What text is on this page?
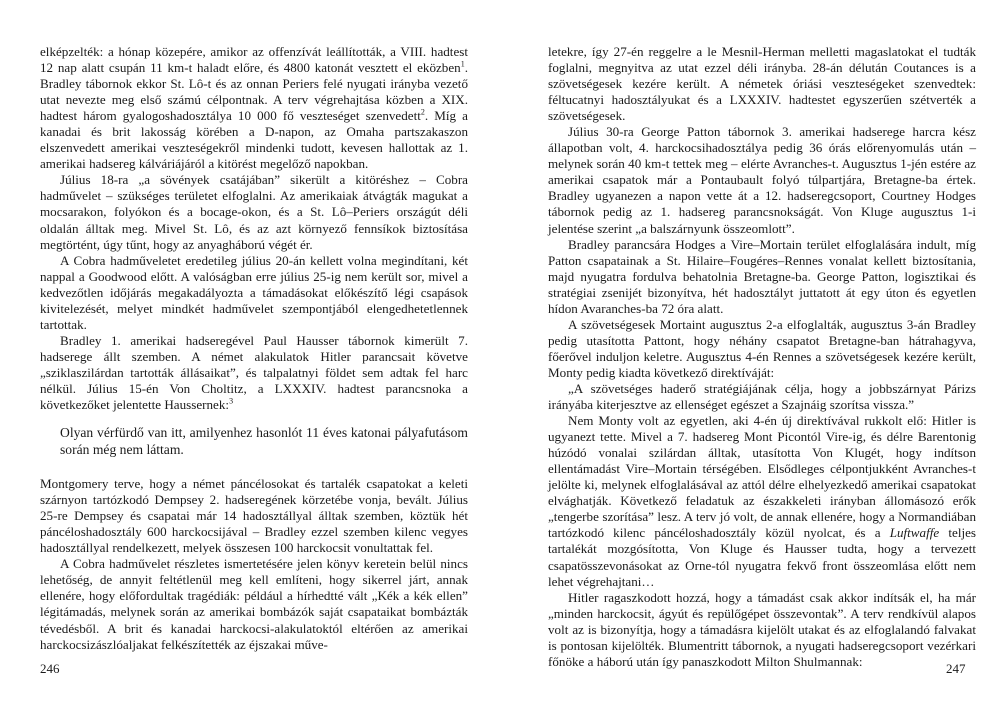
elképzelték: a hónap közepére, amikor az offenzívát leállították, a VIII. hadtest 12 nap alatt csupán 11 km-t haladt előre, és 4800 katonát vesztett el eközben$^1$. Bradley tábornok ekkor St. Lô-t és az onnan Periers felé nyugati irányba vezető utat nevezte meg első számú célpontnak. A terv végrehajtása közben a XIX. hadtest három gyalogoshadosztálya 10 000 fő veszteséget szenvedett$^2$. Míg a kanadai és brit lakosság körében a D-napon, az Omaha partszakaszon elszenvedett amerikai veszteségekről mindenki tudott, kevesen hallottak az 1. amerikai hadsereg kálváriájáról a kitörést megelőző napokban.

Július 18-ra „a sövények csatájában” sikerült a kitöréshez – Cobra hadművelet – szükséges területet elfoglalni. Az amerikaiak átvágták magukat a mocsarakon, folyókon és a bocage-okon, és a St. Lô–Periers országút déli oldalán álltak meg. Mivel St. Lô, és az azt környező fennsíkok biztosítása megtörtént, úgy tűnt, hogy az anyagháború végét ér.

A Cobra hadműveletet eredetileg július 20-án kellett volna megindítani, két nappal a Goodwood előtt. A valóságban erre július 25-ig nem került sor, mivel a kedvezőtlen időjárás megakadályozta a támadásokat előkészítő légi csapások kivitelezését, melyet mindkét hadművelet szempontjából elengedhetetlennek tartottak.

Bradley 1. amerikai hadseregével Paul Hausser tábornok kimerült 7. hadserege állt szemben. A német alakulatok Hitler parancsait követve „sziklaszilárdan tartották állásaikat”, és talpalatnyi földet sem adtak fel harc nélkül. Július 15-én Von Choltitz, a LXXXIV. hadtest parancsnoka a következőket jelentette Haussernek:$^3$

Olyan vérfürdő van itt, amilyenhez hasonlót 11 éves katonai pályafutásom során még nem láttam.

Montgomery terve, hogy a német páncélosokat és tartalék csapatokat a keleti szárnyon tartózkodó Dempsey 2. hadseregének körzetébe vonja, bevált. Július 25-re Dempsey és csapatai már 14 hadosztállyal álltak szemben, köztük hét páncéloshadosztály 600 harckocsijával – Bradley ezzel szemben kilenc vegyes hadosztállyal rendelkezett, melyek összesen 100 harckocsit vonultattak fel.

A Cobra hadművelet részletes ismertetésére jelen könyv keretein belül nincs lehetőség, de annyit feltétlenül meg kell említeni, hogy sikerrel járt, annak ellenére, hogy előfordultak tragédiák: például a hírhedtté vált „Kék a kék ellen” légitámadás, melynek során az amerikai bombázók saját csapataikat bombázták tévedésből. A brit és kanadai harckocsi-alakulatoktól eltérően az amerikai harckocsizászlóaljakat felkészítették az éjszakai műve-

letekre, így 27-én reggelre a le Mesnil-Herman melletti magaslatokat el tudták foglalni, megnyitva az utat ezzel déli irányba. 28-án délután Coutances is a szövetségesek kezére került. A németek óriási veszteségeket szenvedtek: féltucatnyi hadosztályukat és a LXXXIV. hadtestet egyszerűen szétverték a szövetségesek.

Július 30-ra George Patton tábornok 3. amerikai hadserege harcra kész állapotban volt, 4. harckocsihadosztálya pedig 36 órás előrenyomulás után – melynek során 40 km-t tettek meg – elérte Avranches-t. Augusztus 1-jén estére az amerikai csapatok már a Pontaubault folyó túlpartjára, Bretagne-ba értek. Bradley ugyanezen a napon vette át a 12. hadseregcsoport, Courtney Hodges tábornok pedig az 1. hadsereg parancsnokságát. Von Kluge augusztus 1-i jelentése szerint „a balszárnyunk összeomlott”.

Bradley parancsára Hodges a Vire–Mortain terület elfoglalására indult, míg Patton csapatainak a St. Hilaire–Fougéres–Rennes vonalat kellett biztosítania, majd nyugatra fordulva behatolnia Bretagne-ba. George Patton, logisztikai és stratégiai zsenijét bizonyítva, hét hadosztályt juttatott át egy úton és egyetlen hídon Avaranches-ba 72 óra alatt.

A szövetségesek Mortaint augusztus 2-a elfoglalták, augusztus 3-án Bradley pedig utasította Pattont, hogy néhány csapatot Bretagne-ban hátrahagyva, főerővel induljon keletre. Augusztus 4-én Rennes a szövetségesek kezére került, Monty pedig kiadta következő direktíváját:

„A szövetséges haderő stratégiájának célja, hogy a jobbszárnyat Párizs irányába kiterjesztve az ellenséget egészet a Szajnáig szorítsa vissza.”

Nem Monty volt az egyetlen, aki 4-én új direktívával rukkolt elő: Hitler is ugyanezt tette. Mivel a 7. hadsereg Mont Picontól Vire-ig, és délre Barentonig húzódó vonalai szilárdan álltak, utasította Von Klugét, hogy indítson ellentámadást Vire–Mortain térségében. Elsődleges célpontjukként Avranches-t jelölte ki, melynek elfoglalásával az attól délre elhelyezkedő amerikai csapatokat elvághatják. Következő feladatuk az északkeleti irányban állomásozó erők „tengerbe szorítása” lesz. A terv jó volt, de annak ellenére, hogy a Normandiában tartózkodó kilenc páncéloshadosztály közül nyolcat, és a Luftwaffe teljes tartalékát mozgósította, Von Kluge és Hausser tudta, hogy a tervezett csapatösszevonásokat az Orne-tól nyugatra fekvő front összeomlása előtt nem lehet végrehajtani…

Hitler ragaszkodott hozzá, hogy a támadást csak akkor indítsák el, ha már „minden harckocsit, ágyút és repülőgépet összevontak”. A terv rendkívül alapos volt az is bizonyítja, hogy a támadásra kijelölt utakat és az elfoglalandó falvakat is pontosan kijelölték. Blumentritt tábornok, a nyugati hadseregcsoport vezérkari főnöke a háború után így panaszkodott Milton Shulmannak:

246	247
